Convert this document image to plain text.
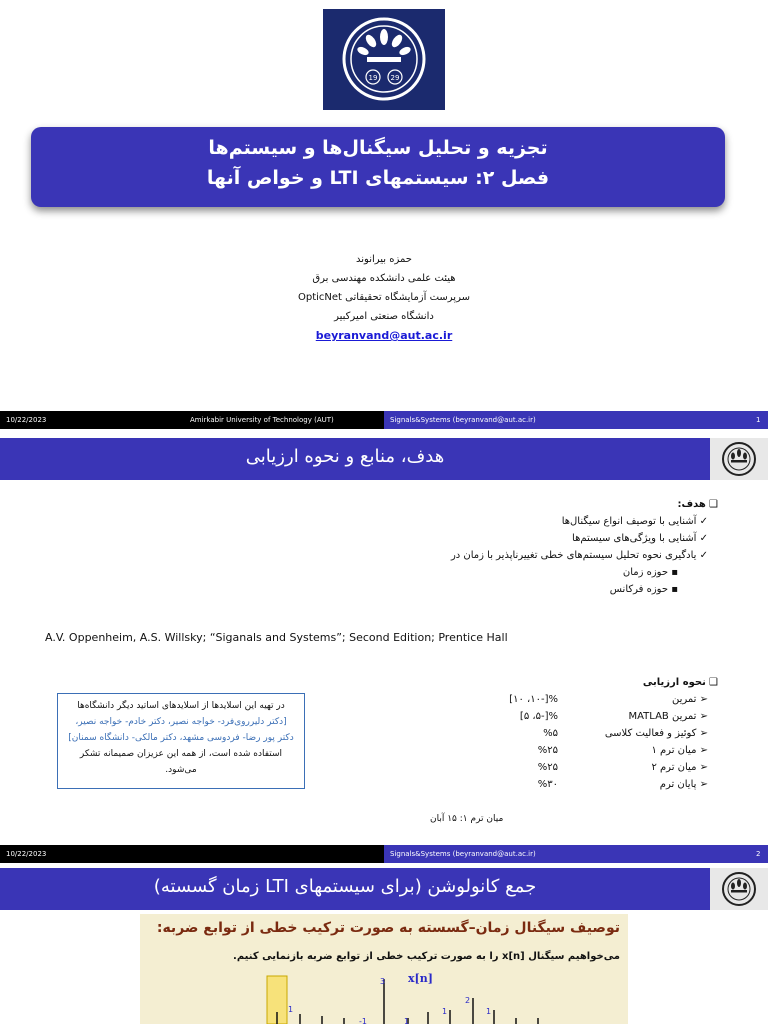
19 29
تجزیه و تحلیل سیگنال‌ها و سیستم‌ها
فصل ۲: سیستمهای LTI و خواص آنها
حمزه بیرانوند
هیئت علمی دانشکده مهندسی برق
سرپرست آزمایشگاه تحقیقاتی OpticNet
دانشگاه صنعتی امیرکبیر
beyranvand@aut.ac.ir
10/22/2023	Amirkabir University of Technology (AUT)	Signals&Systems (beyranvand@aut.ac.ir)	1
هدف، منابع و نحوه ارزیابی
❑ هدف:
✓ آشنایی با توصیف انواع سیگنال‌ها
✓ آشنایی با ویژگی‌های سیستم‌ها
✓ یادگیری نحوه تحلیل سیستم‌های خطی تغییرناپذیر با زمان در
▪ حوزه زمان
▪ حوزه فرکانس
A.V. Oppenheim, A.S. Willsky; “Siganals and Systems”; Second Edition; Prentice Hall
❑ نحوه ارزیابی
➢ تمرین
%[-۱۰، ۱۰]
➢ تمرین MATLAB
%[-۵، ۵]
➢ کوئیز و فعالیت کلاسی
%۵
➢ میان ترم ۱
%۲۵
➢ میان ترم ۲
%۲۵
➢ پایان ترم
%۳۰
در تهیه این اسلایدها از اسلایدهای اساتید دیگر دانشگاه‌ها
[دکتر دلیرروی‌فرد- خواجه نصیر، دکتر خادم- خواجه نصیر،
دکتر پور رضا- فردوسی مشهد، دکتر مالکی- دانشگاه سمنان]
استفاده شده است، از همه این عزیزان صمیمانه تشکر
می‌شود.
میان ترم ۱: ۱۵ آبان
10/22/2023	Signals&Systems (beyranvand@aut.ac.ir)	2
جمع کانولوشن (برای سیستمهای LTI زمان گسسته)
توصیف سیگنال زمان–گسسته به صورت ترکیب خطی از توابع ضربه:
می‌خواهیم سیگنال x[n] را به صورت ترکیب خطی از توابع ضربه بازنمایی کنیم.
x[n]
3
2
1	1	1
1
-1
